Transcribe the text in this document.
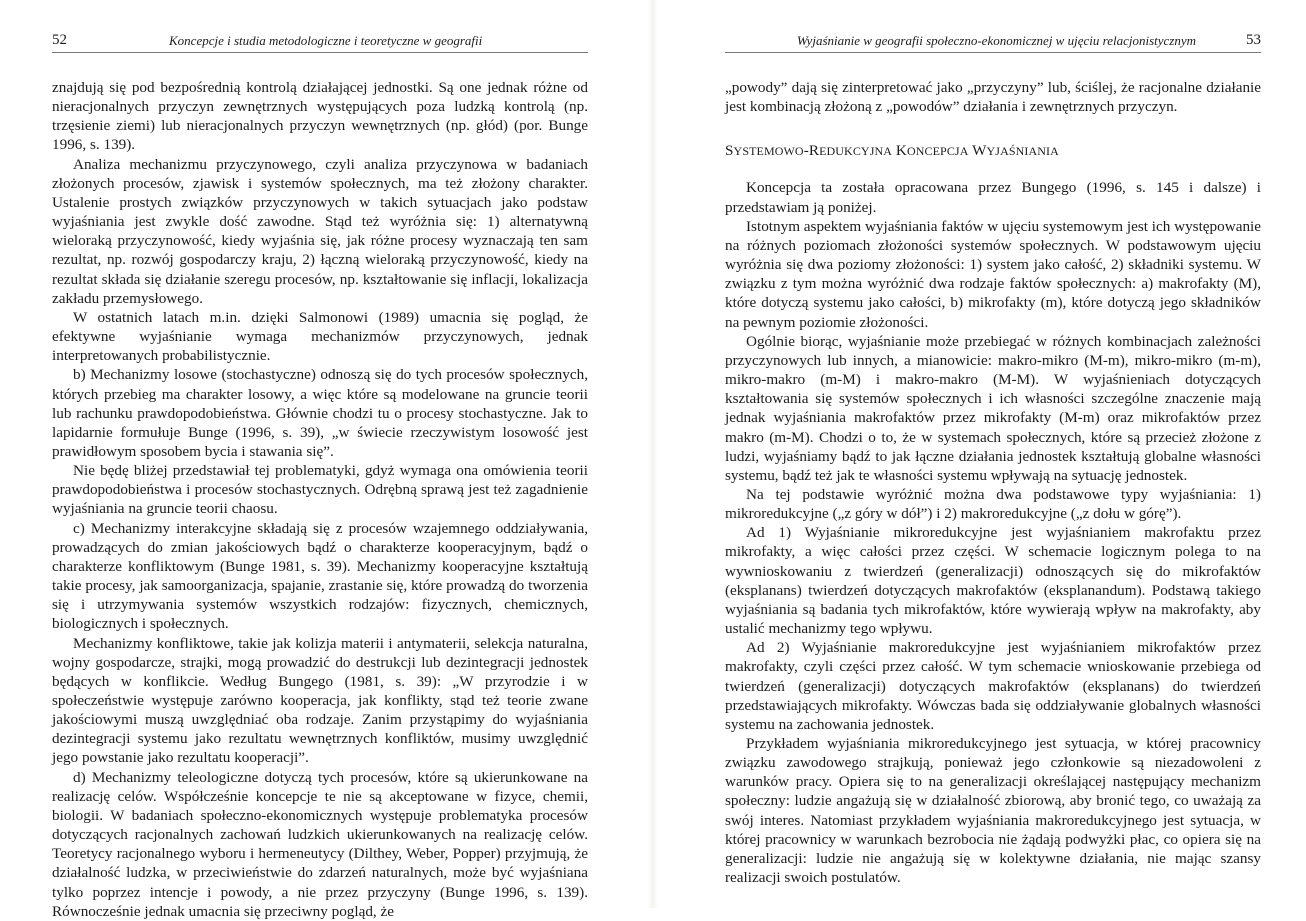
52	Koncepcje i studia metodologiczne i teoretyczne w geografii

znajdują się pod bezpośrednią kontrolą działającej jednostki. Są one jednak różne od nieracjonalnych przyczyn zewnętrznych występujących poza ludzką kontrolą (np. trzęsienie ziemi) lub nieracjonalnych przyczyn wewnętrznych (np. głód) (por. Bunge 1996, s. 139).

Analiza mechanizmu przyczynowego, czyli analiza przyczynowa w badaniach złożonych procesów, zjawisk i systemów społecznych, ma też złożony charakter. Ustalenie prostych związków przyczynowych w takich sytuacjach jako podstaw wyjaśniania jest zwykle dość zawodne. Stąd też wyróżnia się: 1) alternatywną wieloraką przyczynowość, kiedy wyjaśnia się, jak różne procesy wyznaczają ten sam rezultat, np. rozwój gospodarczy kraju, 2) łączną wieloraką przyczynowość, kiedy na rezultat składa się działanie szeregu procesów, np. kształtowanie się inflacji, lokalizacja zakładu przemysłowego.

W ostatnich latach m.in. dzięki Salmonowi (1989) umacnia się pogląd, że efektywne wyjaśnianie wymaga mechanizmów przyczynowych, jednak interpretowanych probabilistycznie.

b) Mechanizmy losowe (stochastyczne) odnoszą się do tych procesów społecznych, których przebieg ma charakter losowy, a więc które są modelowane na gruncie teorii lub rachunku prawdopodobieństwa. Głównie chodzi tu o procesy stochastyczne. Jak to lapidarnie formułuje Bunge (1996, s. 39), „w świecie rzeczywistym losowość jest prawidłowym sposobem bycia i stawania się”.

Nie będę bliżej przedstawiał tej problematyki, gdyż wymaga ona omówienia teorii prawdopodobieństwa i procesów stochastycznych. Odrębną sprawą jest też zagadnienie wyjaśniania na gruncie teorii chaosu.

c) Mechanizmy interakcyjne składają się z procesów wzajemnego oddziaływania, prowadzących do zmian jakościowych bądź o charakterze kooperacyjnym, bądź o charakterze konfliktowym (Bunge 1981, s. 39). Mechanizmy kooperacyjne kształtują takie procesy, jak samoorganizacja, spajanie, zrastanie się, które prowadzą do tworzenia się i utrzymywania systemów wszystkich rodzajów: fizycznych, chemicznych, biologicznych i społecznych.

Mechanizmy konfliktowe, takie jak kolizja materii i antymaterii, selekcja naturalna, wojny gospodarcze, strajki, mogą prowadzić do destrukcji lub dezintegracji jednostek będących w konflikcie. Według Bungego (1981, s. 39): „W przyrodzie i w społeczeństwie występuje zarówno kooperacja, jak konflikty, stąd też teorie zwane jakościowymi muszą uwzględniać oba rodzaje. Zanim przystąpimy do wyjaśniania dezintegracji systemu jako rezultatu wewnętrznych konfliktów, musimy uwzględnić jego powstanie jako rezultatu kooperacji”.

d) Mechanizmy teleologiczne dotyczą tych procesów, które są ukierunkowane na realizację celów. Współcześnie koncepcje te nie są akceptowane w fizyce, chemii, biologii. W badaniach społeczno-ekonomicznych występuje problematyka procesów dotyczących racjonalnych zachowań ludzkich ukierunkowanych na realizację celów. Teoretycy racjonalnego wyboru i hermeneutycy (Dilthey, Weber, Popper) przyjmują, że działalność ludzka, w przeciwieństwie do zdarzeń naturalnych, może być wyjaśniana tylko poprzez intencje i powody, a nie przez przyczyny (Bunge 1996, s. 139). Równocześnie jednak umacnia się przeciwny pogląd, że

Wyjaśnianie w geografii społeczno-ekonomicznej w ujęciu relacjonistycznym	53

„powody” dają się zinterpretować jako „przyczyny” lub, ściślej, że racjonalne działanie jest kombinacją złożoną z „powodów” działania i zewnętrznych przyczyn.

SYSTEMOWO-REDUKCYJNA KONCEPCJA WYJAŚNIANIA

Koncepcja ta została opracowana przez Bungego (1996, s. 145 i dalsze) i przedstawiam ją poniżej.

Istotnym aspektem wyjaśniania faktów w ujęciu systemowym jest ich występowanie na różnych poziomach złożoności systemów społecznych. W podstawowym ujęciu wyróżnia się dwa poziomy złożoności: 1) system jako całość, 2) składniki systemu. W związku z tym można wyróżnić dwa rodzaje faktów społecznych: a) makrofakty (M), które dotyczą systemu jako całości, b) mikrofakty (m), które dotyczą jego składników na pewnym poziomie złożoności.

Ogólnie biorąc, wyjaśnianie może przebiegać w różnych kombinacjach zależności przyczynowych lub innych, a mianowicie: makro-mikro (M-m), mikro-mikro (m-m), mikro-makro (m-M) i makro-makro (M-M). W wyjaśnieniach dotyczących kształtowania się systemów społecznych i ich własności szczególne znaczenie mają jednak wyjaśniania makrofaktów przez mikrofakty (M-m) oraz mikrofaktów przez makro (m-M). Chodzi o to, że w systemach społecznych, które są przecież złożone z ludzi, wyjaśniamy bądź to jak łączne działania jednostek kształtują globalne własności systemu, bądź też jak te własności systemu wpływają na sytuację jednostek.

Na tej podstawie wyróżnić można dwa podstawowe typy wyjaśniania: 1) mikroredukcyjne („z góry w dół”) i 2) makroredukcyjne („z dołu w górę”).

Ad 1) Wyjaśnianie mikroredukcyjne jest wyjaśnianiem makrofaktu przez mikrofakty, a więc całości przez części. W schemacie logicznym polega to na wywnioskowaniu z twierdzeń (generalizacji) odnoszących się do mikrofaktów (eksplanans) twierdzeń dotyczących makrofaktów (eksplanandum). Podstawą takiego wyjaśniania są badania tych mikrofaktów, które wywierają wpływ na makrofakty, aby ustalić mechanizmy tego wpływu.

Ad 2) Wyjaśnianie makroredukcyjne jest wyjaśnianiem mikrofaktów przez makrofakty, czyli części przez całość. W tym schemacie wnioskowanie przebiega od twierdzeń (generalizacji) dotyczących makrofaktów (eksplanans) do twierdzeń przedstawiających mikrofakty. Wówczas bada się oddziaływanie globalnych własności systemu na zachowania jednostek.

Przykładem wyjaśniania mikroredukcyjnego jest sytuacja, w której pracownicy związku zawodowego strajkują, ponieważ jego członkowie są niezadowoleni z warunków pracy. Opiera się to na generalizacji określającej następujący mechanizm społeczny: ludzie angażują się w działalność zbiorową, aby bronić tego, co uważają za swój interes. Natomiast przykładem wyjaśniania makroredukcyjnego jest sytuacja, w której pracownicy w warunkach bezrobocia nie żądają podwyżki płac, co opiera się na generalizacji: ludzie nie angażują się w kolektywne działania, nie mając szansy realizacji swoich postulatów.
